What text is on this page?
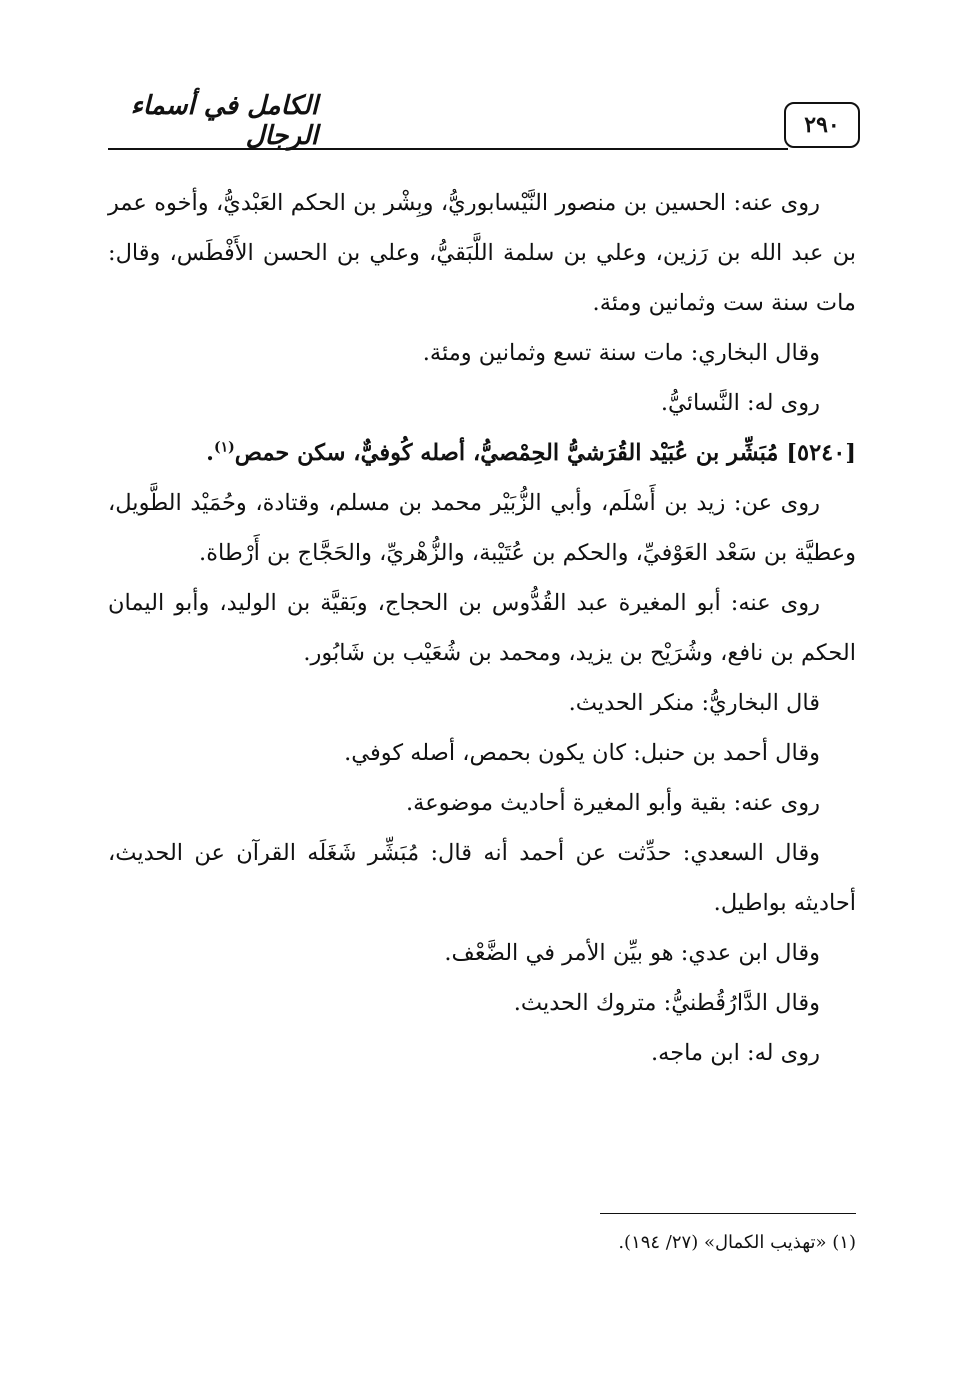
الكامل في أسماء الرجال	٢٩٠

روى عنه: الحسين بن منصور النَّيْسابوريُّ، وبِشْر بن الحكم العَبْديُّ، وأخوه عمر بن عبد الله بن رَزين، وعلي بن سلمة اللَّبَقيُّ، وعلي بن الحسن الأَفْطَس، وقال: مات سنة ست وثمانين ومئة.

وقال البخاري: مات سنة تسع وثمانين ومئة.

روى له: النَّسائيُّ.

[٥٢٤٠] مُبَشِّر بن عُبَيْد القُرَشيُّ الحِمْصيُّ، أصله كُوفيٌّ، سكن حمص$^{(١)}$.

روى عن: زيد بن أَسْلَم، وأبي الزُّبَيْر محمد بن مسلم، وقتادة، وحُمَيْد الطَّويل، وعطيَّة بن سَعْد العَوْفيِّ، والحكم بن عُتَيْبة، والزُّهْريِّ، والحَجَّاج بن أَرْطاة.

روى عنه: أبو المغيرة عبد القُدُّوس بن الحجاج، وبَقيَّة بن الوليد، وأبو اليمان الحكم بن نافع، وشُرَيْح بن يزيد، ومحمد بن شُعَيْب بن شَابُور.

قال البخاريُّ: منكر الحديث.

وقال أحمد بن حنبل: كان يكون بحمص، أصله كوفي.

روى عنه: بقية وأبو المغيرة أحاديث موضوعة.

وقال السعدي: حدِّثت عن أحمد أنه قال: مُبَشِّر شَغَلَه القرآن عن الحديث، أحاديثه بواطيل.

وقال ابن عدي: هو بيِّن الأمر في الضَّعْف.

وقال الدَّارُقُطنيُّ: متروك الحديث.

روى له: ابن ماجه.

(١) «تهذيب الكمال» (٢٧/ ١٩٤).
